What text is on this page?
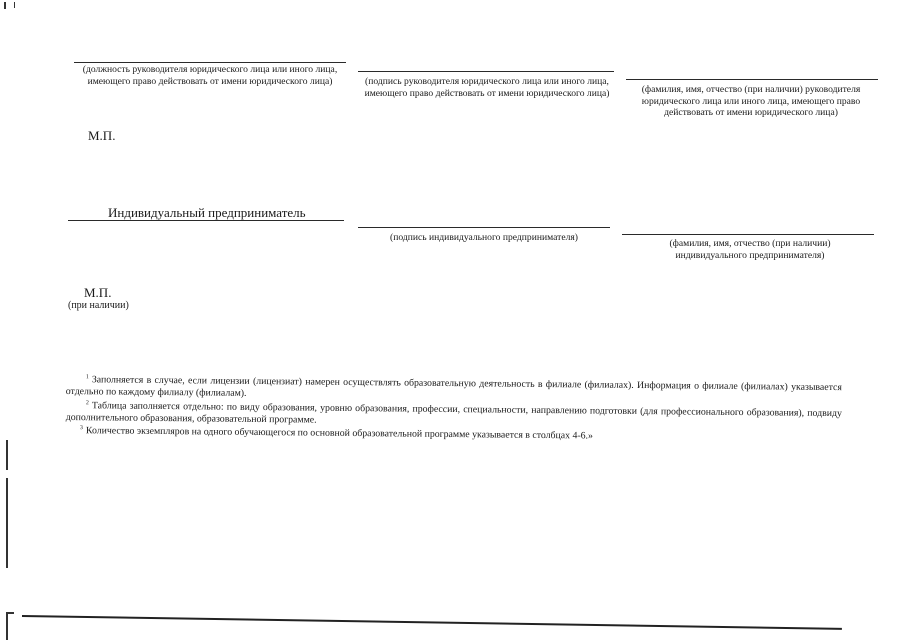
(должность руководителя юридического лица или иного лица, имеющего право действовать от имени юридического лица)	(подпись руководителя юридического лица или иного лица, имеющего право действовать от имени юридического лица)	(фамилия, имя, отчество (при наличии) руководителя юридического лица или иного лица, имеющего право действовать от имени юридического лица)
М.П.
Индивидуальный предприниматель
(подпись индивидуального предпринимателя)
(фамилия, имя, отчество (при наличии) индивидуального предпринимателя)
М.П.
(при наличии)
$^1$ Заполняется в случае, если лицензии (лицензиат) намерен осуществлять образовательную деятельность в филиале (филиалах). Информация о филиале (филиалах) указывается отдельно по каждому филиалу (филиалам).
$^2$ Таблица заполняется отдельно: по виду образования, уровню образования, профессии, специальности, направлению подготовки (для профессионального образования), подвиду дополнительного образования, образовательной программе.
$^3$ Количество экземпляров на одного обучающегося по основной образовательной программе указывается в столбцах 4-6.»
